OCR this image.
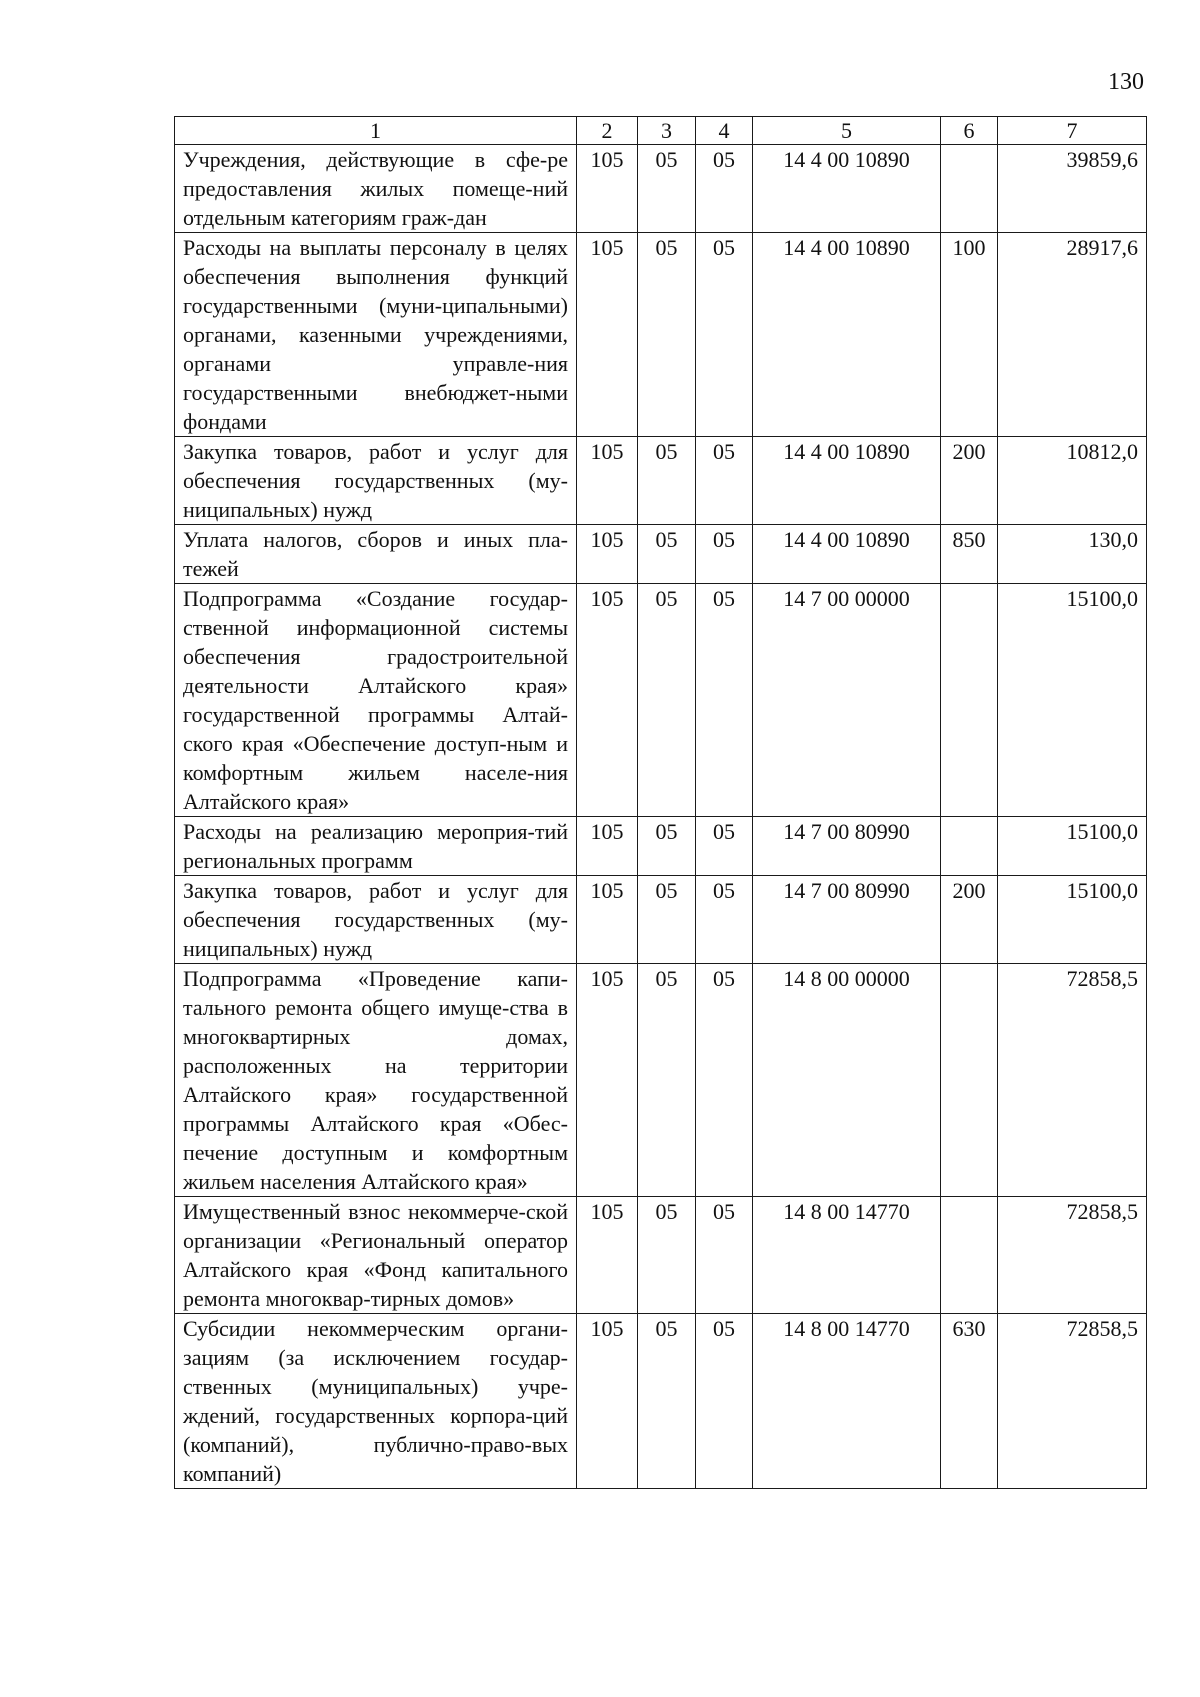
130
1	2	3	4	5	6	7
Учреждения, действующие в сфе-ре предоставления жилых помеще-ний отдельным категориям граж-дан	105	05	05	14 4 00 10890		39859,6
Расходы на выплаты персоналу в целях обеспечения выполнения функций государственными (муни-ципальными) органами, казенными учреждениями, органами управле-ния государственными внебюджет-ными фондами	105	05	05	14 4 00 10890	100	28917,6
Закупка товаров, работ и услуг для обеспечения государственных (му-ниципальных) нужд	105	05	05	14 4 00 10890	200	10812,0
Уплата налогов, сборов и иных пла-тежей	105	05	05	14 4 00 10890	850	130,0
Подпрограмма «Создание государ-ственной информационной системы обеспечения градостроительной деятельности Алтайского края» государственной программы Алтай-ского края «Обеспечение доступ-ным и комфортным жильем населе-ния Алтайского края»	105	05	05	14 7 00 00000		15100,0
Расходы на реализацию мероприя-тий региональных программ	105	05	05	14 7 00 80990		15100,0
Закупка товаров, работ и услуг для обеспечения государственных (му-ниципальных) нужд	105	05	05	14 7 00 80990	200	15100,0
Подпрограмма «Проведение капи-тального ремонта общего имуще-ства в многоквартирных домах, расположенных на территории Алтайского края» государственной программы Алтайского края «Обес-печение доступным и комфортным жильем населения Алтайского края»	105	05	05	14 8 00 00000		72858,5
Имущественный взнос некоммерче-ской организации «Региональный оператор Алтайского края «Фонд капитального ремонта многоквар-тирных домов»	105	05	05	14 8 00 14770		72858,5
Субсидии некоммерческим органи-зациям (за исключением государ-ственных (муниципальных) учре-ждений, государственных корпора-ций (компаний), публично-право-вых компаний)	105	05	05	14 8 00 14770	630	72858,5
